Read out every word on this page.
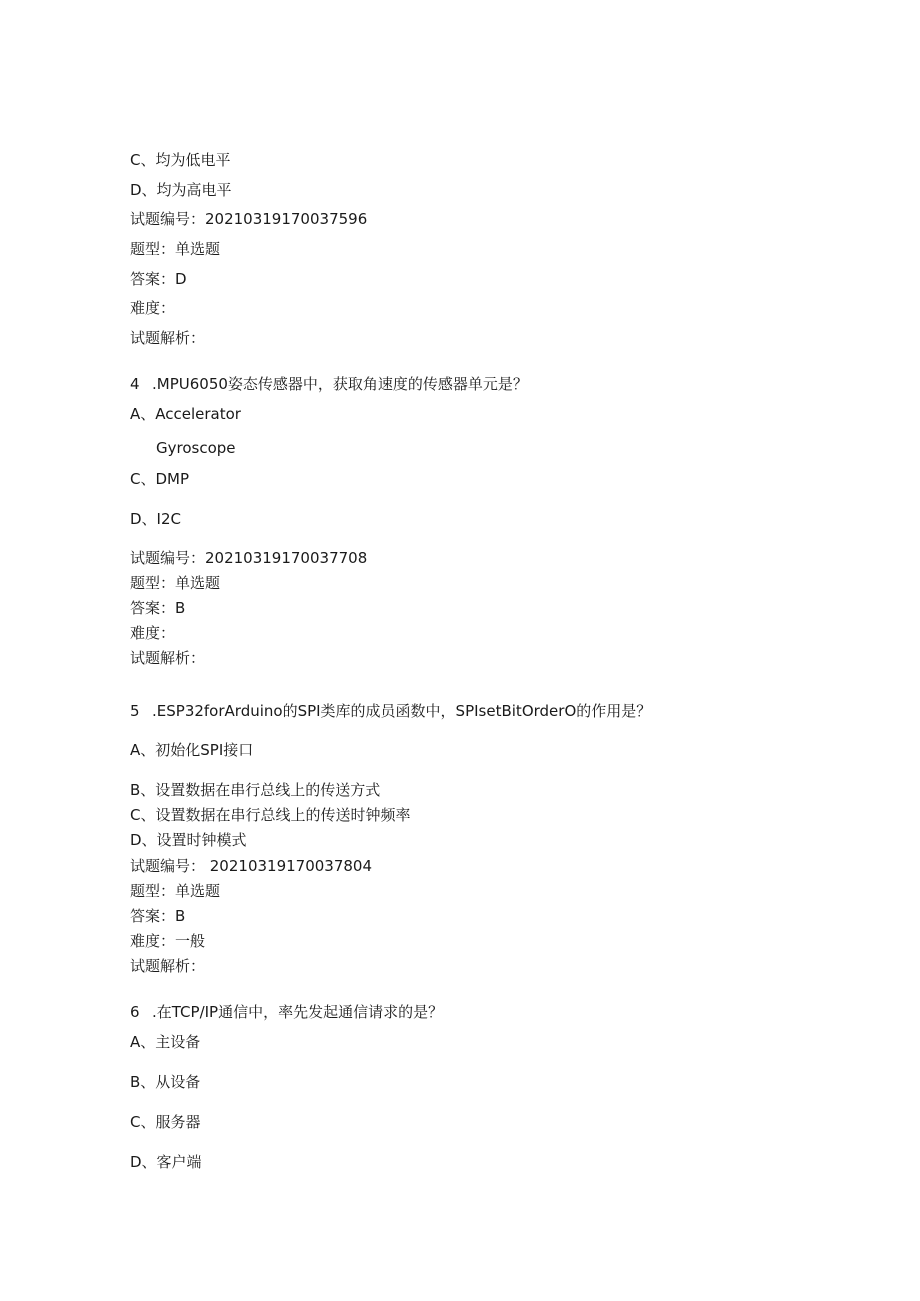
C、均为低电平
D、均为高电平
试题编号：20210319170037596
题型：单选题
答案：D
难度：
试题解析：
4 .MPU6050姿态传感器中，获取角速度的传感器单元是？
A、Accelerator
Gyroscope
C、DMP
D、I2C
试题编号：20210319170037708
题型：单选题
答案：B
难度：
试题解析：
5 .ESP32forArduino的SPI类库的成员函数中，SPIsetBitOrderO的作用是？
A、初始化SPI接口
B、设置数据在串行总线上的传送方式
C、设置数据在串行总线上的传送时钟频率
D、设置时钟模式
试题编号： 20210319170037804
题型：单选题
答案：B
难度：一般
试题解析：
6 .在TCP/IP通信中，率先发起通信请求的是？
A、主设备
B、从设备
C、服务器
D、客户端
